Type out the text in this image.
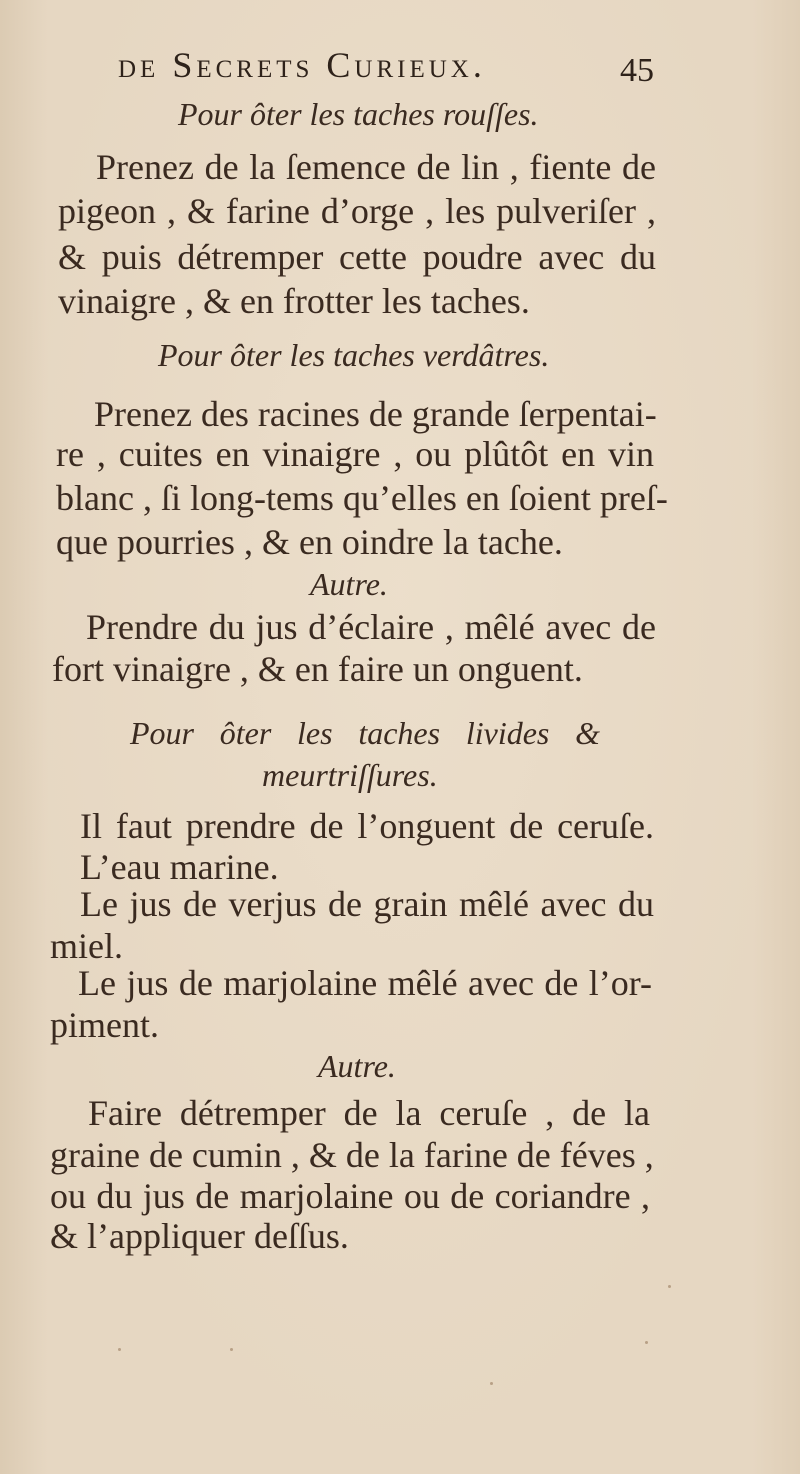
de Secrets Curieux.	45
Pour ôter les taches rouſſes.
Prenez de la ſemence de lin , fiente de
pigeon , & farine d’orge , les pulveriſer ,
& puis détremper cette poudre avec du
vinaigre , & en frotter les taches.
Pour ôter les taches verdâtres.
Prenez des racines de grande ſerpentai-
re , cuites en vinaigre , ou plûtôt en vin
blanc , ſi long-tems qu’elles en ſoient preſ-
que pourries , & en oindre la tache.
Autre.
Prendre du jus d’éclaire , mêlé avec de
fort vinaigre , & en faire un onguent.
Pour ôter les taches livides &
meurtriſſures.
Il faut prendre de l’onguent de ceruſe.
L’eau marine.
Le jus de verjus de grain mêlé avec du
miel.
Le jus de marjolaine mêlé avec de l’or-
piment.
Autre.
Faire détremper de la ceruſe , de la
graine de cumin , & de la farine de féves ,
ou du jus de marjolaine ou de coriandre ,
& l’appliquer deſſus.
